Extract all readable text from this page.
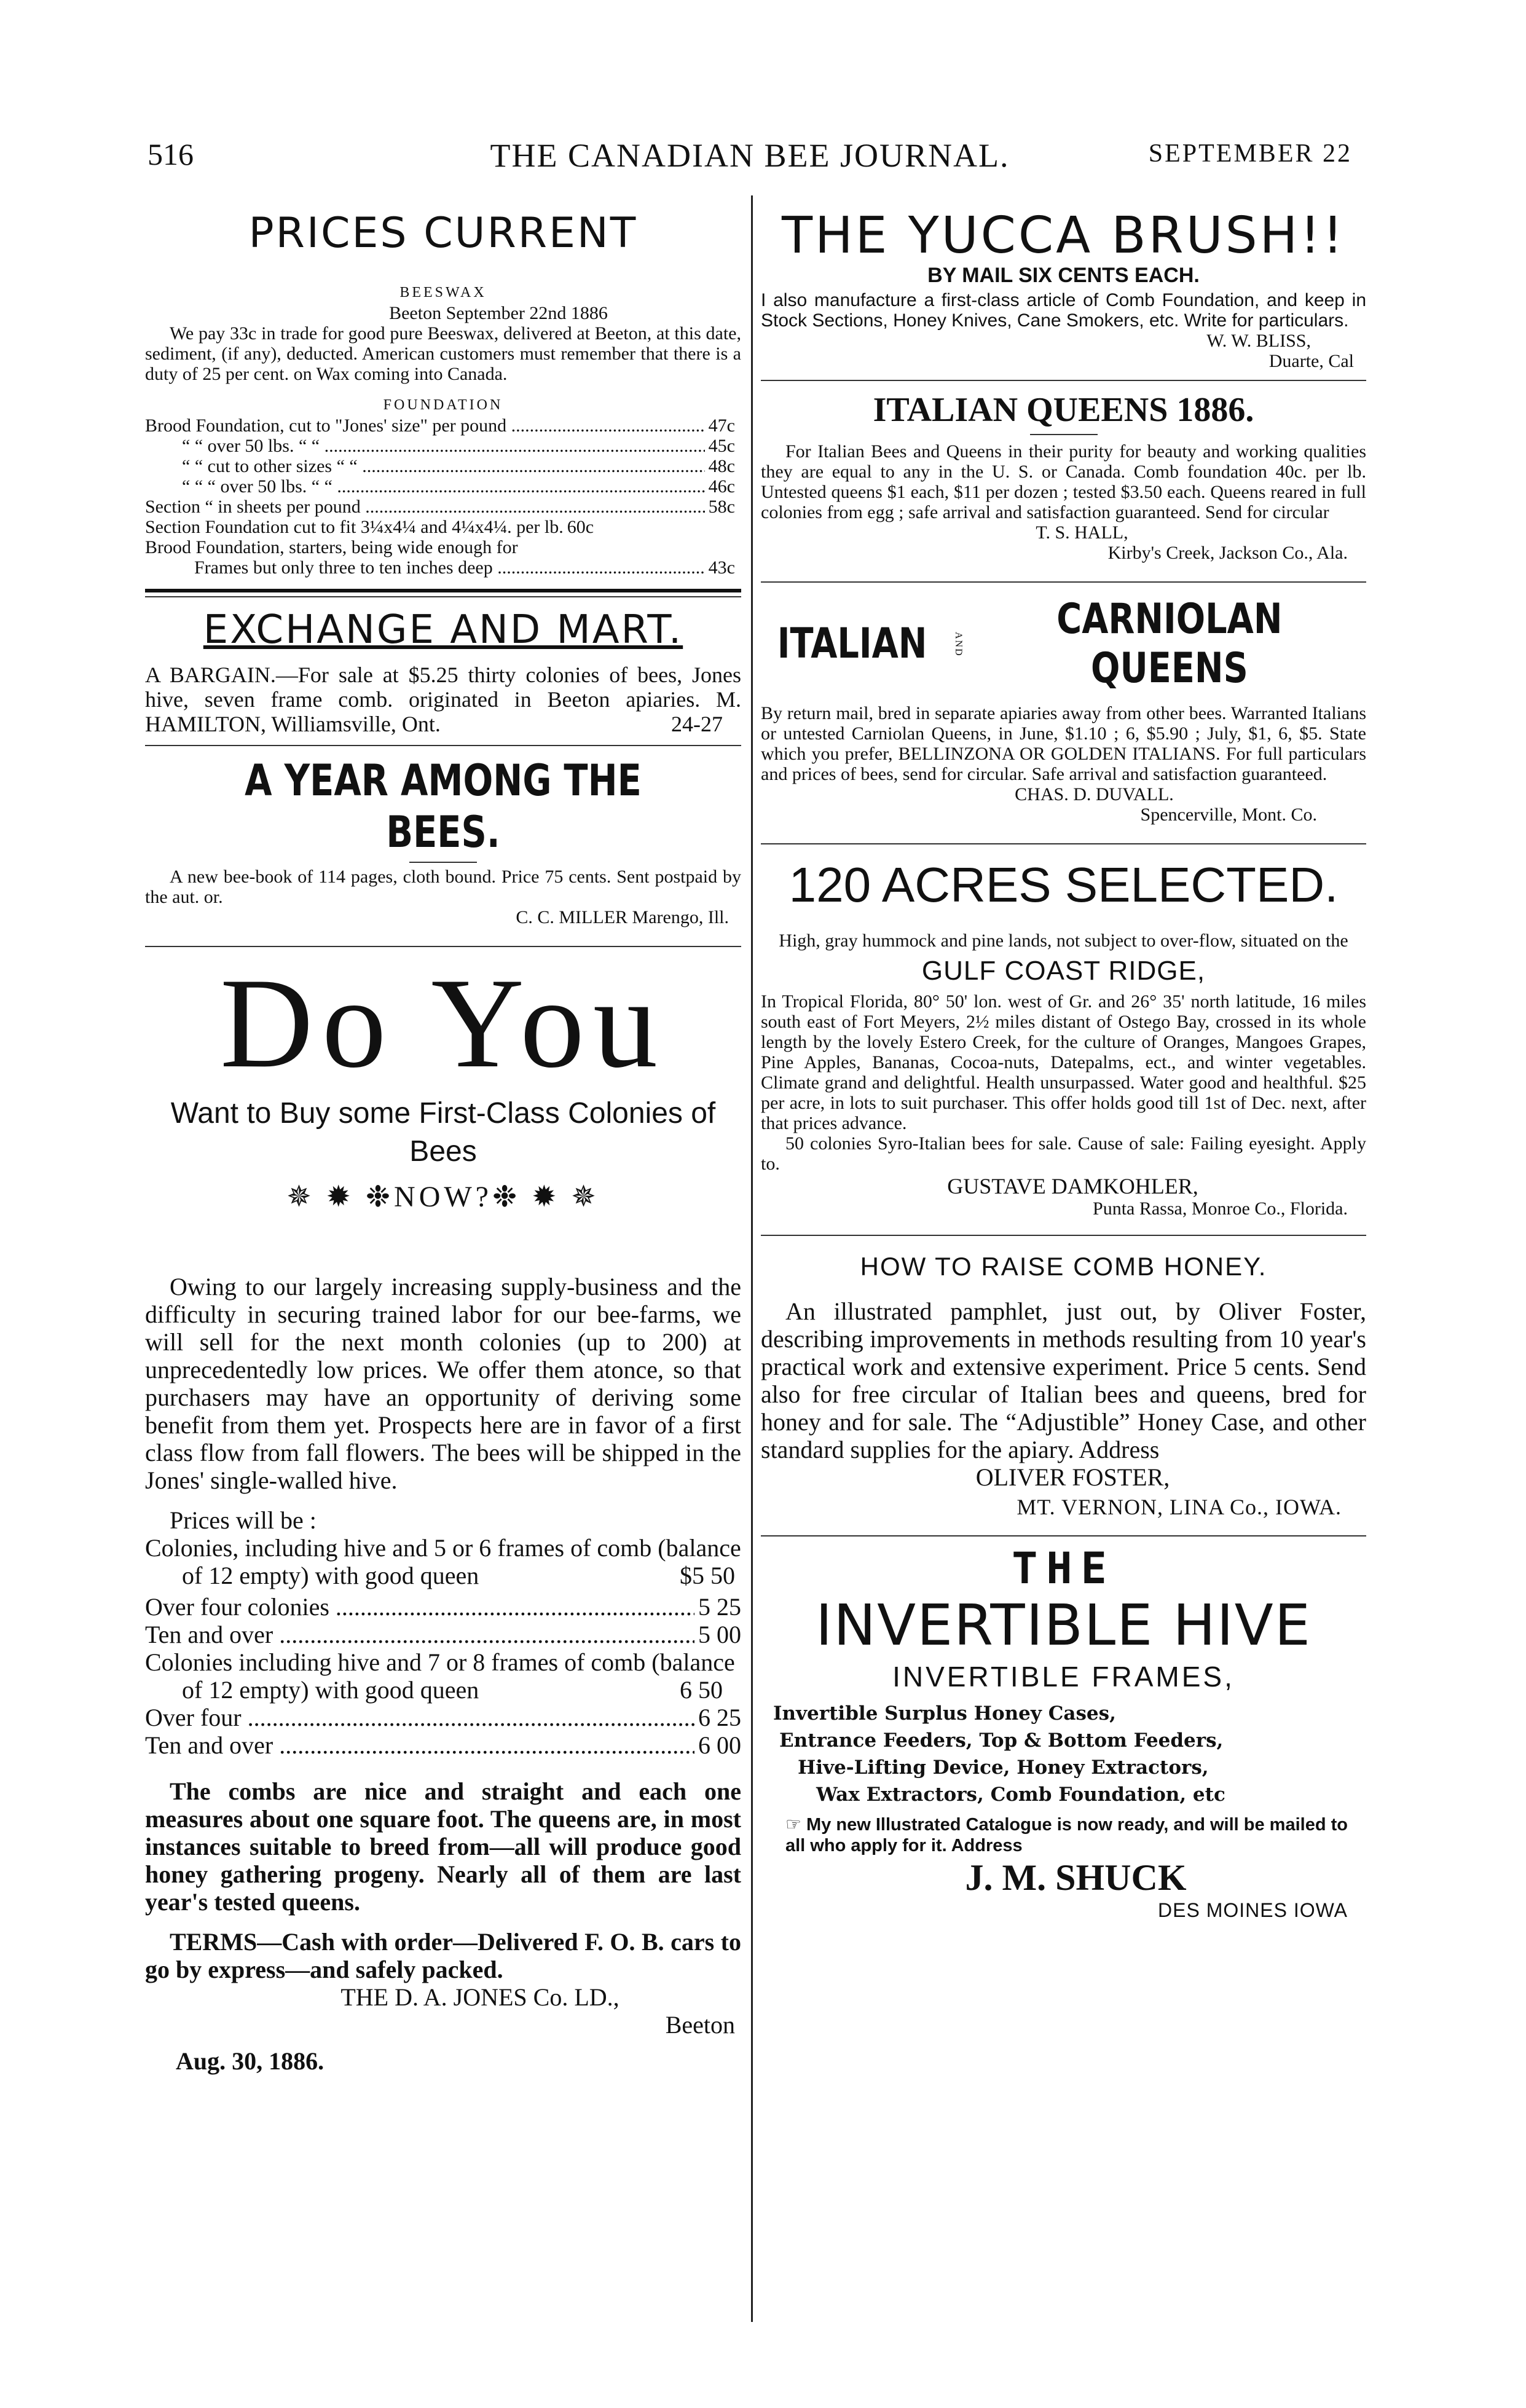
516	THE CANADIAN BEE JOURNAL.	SEPTEMBER 22
PRICES CURRENT
BEESWAX
Beeton September 22nd 1886

We pay 33c in trade for good pure Beeswax, delivered at Beeton, at this date, sediment, (if any), deducted. American customers must remember that there is a duty of 25 per cent. on Wax coming into Canada.

FOUNDATION
Brood Foundation, cut to "Jones' size" per pound .....	47c
“ “ over 50 lbs. “ “ .....	45c
“ “ cut to other sizes “ “ .....	48c
“ “ “ over 50 lbs. “ “ .....	46c
Section “ in sheets per pound .....	58c
Section Foundation cut to fit 3¼x4¼ and 4¼x4¼. per lb. 60c
Brood Foundation, starters, being wide enough for
Frames but only three to ten inches deep .....	43c
EXCHANGE AND MART.

A BARGAIN.—For sale at $5.25 thirty colonies of bees, Jones hive, seven frame comb. originated in Beeton apiaries. M. HAMILTON, Williamsville, Ont.	24-27
A YEAR AMONG THE BEES.

A new bee-book of 114 pages, cloth bound. Price 75 cents. Sent postpaid by the aut. or.

C. C. MILLER Marengo, Ill.
Do You
Want to Buy some First-Class Colonies of Bees
✵ ✹ ❉NOW?❉ ✹ ✵

Owing to our largely increasing supply-business and the difficulty in securing trained labor for our bee-farms, we will sell for the next month colonies (up to 200) at unprecedentedly low prices. We offer them atonce, so that purchasers may have an opportunity of deriving some benefit from them yet. Prospects here are in favor of a first class flow from fall flowers. The bees will be shipped in the Jones' single-walled hive.

Prices will be :
Colonies, including hive and 5 or 6 frames of comb (balance of 12 empty) with good queen	$5 50
Over four colonies .....	5 25
Ten and over .....	5 00
Colonies including hive and 7 or 8 frames of comb (balance of 12 empty) with good queen	6 50
Over four .....	6 25
Ten and over .....	6 00

The combs are nice and straight and each one measures about one square foot. The queens are, in most instances suitable to breed from—all will produce good honey gathering progeny. Nearly all of them are last year's tested queens.

TERMS—Cash with order—Delivered F. O. B. cars to go by express—and safely packed.

THE D. A. JONES Co. LD.,
Beeton
Aug. 30, 1886.
THE YUCCA BRUSH!!
BY MAIL SIX CENTS EACH.

I also manufacture a first-class article of Comb Foundation, and keep in Stock Sections, Honey Knives, Cane Smokers, etc. Write for particulars.

W. W. BLISS,
Duarte, Cal
ITALIAN QUEENS 1886.

For Italian Bees and Queens in their purity for beauty and working qualities they are equal to any in the U. S. or Canada. Comb foundation 40c. per lb. Untested queens $1 each, $11 per dozen ; tested $3.50 each. Queens reared in full colonies from egg ; safe arrival and satisfaction guaranteed. Send for circular

T. S. HALL,
Kirby's Creek, Jackson Co., Ala.
ITALIAN	AND
CARNIOLAN QUEENS

By return mail, bred in separate apiaries away from other bees. Warranted Italians or untested Carniolan Queens, in June, $1.10 ; 6, $5.90 ; July, $1, 6, $5. State which you prefer, BELLINZONA OR GOLDEN ITALIANS. For full particulars and prices of bees, send for circular. Safe arrival and satisfaction guaranteed.

CHAS. D. DUVALL.
Spencerville, Mont. Co.
120 ACRES SELECTED.

High, gray hummock and pine lands, not subject to over-flow, situated on the

GULF COAST RIDGE,

In Tropical Florida, 80° 50' lon. west of Gr. and 26° 35' north latitude, 16 miles south east of Fort Meyers, 2½ miles distant of Ostego Bay, crossed in its whole length by the lovely Estero Creek, for the culture of Oranges, Mangoes Grapes, Pine Apples, Bananas, Cocoa-nuts, Datepalms, ect., and winter vegetables. Climate grand and delightful. Health unsurpassed. Water good and healthful. $25 per acre, in lots to suit purchaser. This offer holds good till 1st of Dec. next, after that prices advance.

50 colonies Syro-Italian bees for sale. Cause of sale: Failing eyesight. Apply to.

GUSTAVE DAMKOHLER,
Punta Rassa, Monroe Co., Florida.
HOW TO RAISE COMB HONEY.

An illustrated pamphlet, just out, by Oliver Foster, describing improvements in methods resulting from 10 year's practical work and extensive experiment. Price 5 cents. Send also for free circular of Italian bees and queens, bred for honey and for sale. The “Adjustible” Honey Case, and other standard supplies for the apiary. Address

OLIVER FOSTER,
MT. VERNON, LINA Co., IOWA.
THE
INVERTIBLE HIVE
INVERTIBLE FRAMES,
Invertible Surplus Honey Cases,
Entrance Feeders, Top & Bottom Feeders,
Hive-Lifting Device, Honey Extractors,
Wax Extractors, Comb Foundation, etc

☞ My new Illustrated Catalogue is now ready, and will be mailed to all who apply for it. Address

J. M. SHUCK
DES MOINES IOWA
